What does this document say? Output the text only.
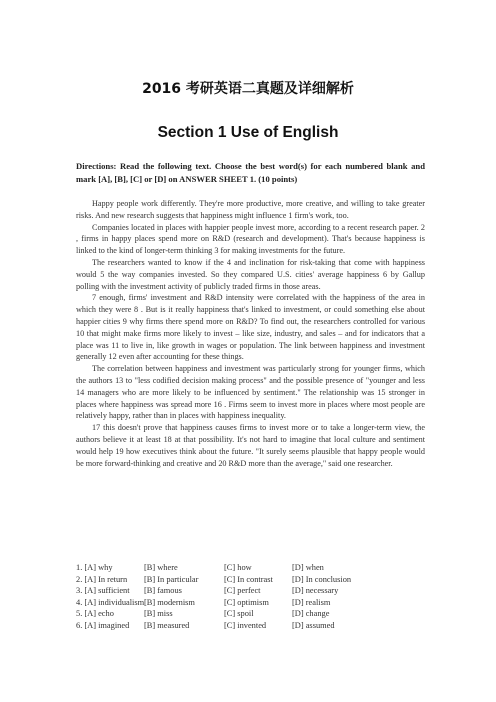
2016 考研英语二真题及详细解析
Section 1 Use of English
Directions: Read the following text. Choose the best word(s) for each numbered blank and mark [A], [B], [C] or [D] on ANSWER SHEET 1. (10 points)

Happy people work differently. They're more productive, more creative, and willing to take greater risks. And new research suggests that happiness might influence 1 firm's work, too.

Companies located in places with happier people invest more, according to a recent research paper. 2 , firms in happy places spend more on R&D (research and development). That's because happiness is linked to the kind of longer-term thinking 3 for making investments for the future.

The researchers wanted to know if the 4 and inclination for risk-taking that come with happiness would 5 the way companies invested. So they compared U.S. cities' average happiness 6 by Gallup polling with the investment activity of publicly traded firms in those areas.

7 enough, firms' investment and R&D intensity were correlated with the happiness of the area in which they were 8 . But is it really happiness that's linked to investment, or could something else about happier cities 9 why firms there spend more on R&D? To find out, the researchers controlled for various 10 that might make firms more likely to invest – like size, industry, and sales – and for indicators that a place was 11 to live in, like growth in wages or population. The link between happiness and investment generally 12 even after accounting for these things.

The correlation between happiness and investment was particularly strong for younger firms, which the authors 13 to "less codified decision making process" and the possible presence of "younger and less 14 managers who are more likely to be influenced by sentiment." The relationship was 15 stronger in places where happiness was spread more 16 . Firms seem to invest more in places where most people are relatively happy, rather than in places with happiness inequality.

17 this doesn't prove that happiness causes firms to invest more or to take a longer-term view, the authors believe it at least 18 at that possibility. It's not hard to imagine that local culture and sentiment would help 19 how executives think about the future. "It surely seems plausible that happy people would be more forward-thinking and creative and 20 R&D more than the average," said one researcher.

1. [A] why	[B] where	[C] how	[D] when
2. [A] In return	[B] In particular	[C] In contrast	[D] In conclusion
3. [A] sufficient	[B] famous	[C] perfect	[D] necessary
4. [A] individualism [B] modernism	[C] optimism	[D] realism
5. [A] echo	[B] miss	[C] spoil	[D] change
6. [A] imagined	[B] measured	[C] invented	[D] assumed
